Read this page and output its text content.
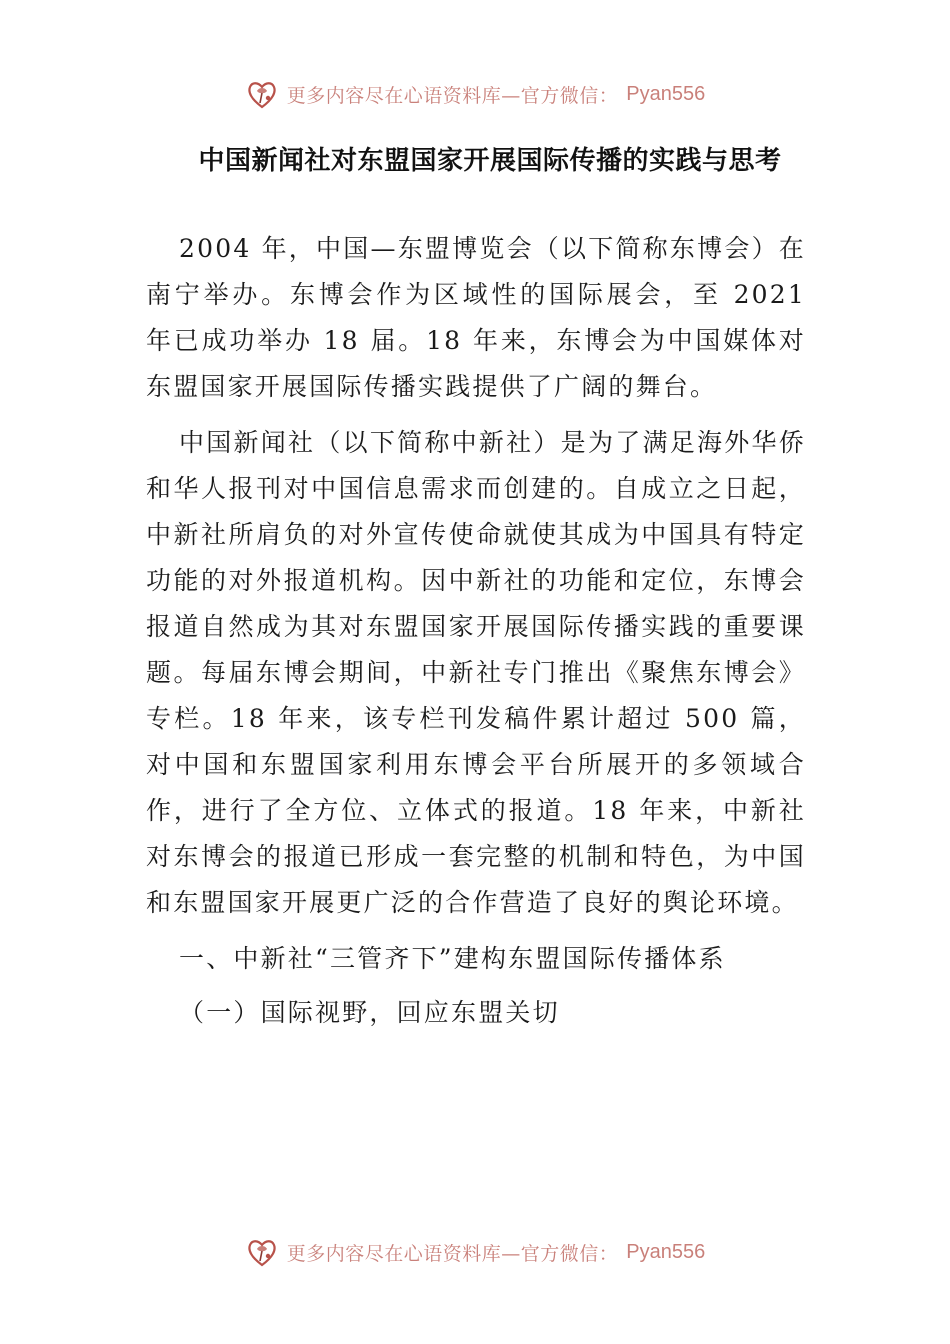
更多内容尽在心语资料库—官方微信： Pyan556
中国新闻社对东盟国家开展国际传播的实践与思考

2004 年，中国—东盟博览会（以下简称东博会）在南宁举办。东博会作为区域性的国际展会，至 2021 年已成功举办 18 届。18 年来，东博会为中国媒体对东盟国家开展国际传播实践提供了广阔的舞台。

中国新闻社（以下简称中新社）是为了满足海外华侨和华人报刊对中国信息需求而创建的。自成立之日起，中新社所肩负的对外宣传使命就使其成为中国具有特定功能的对外报道机构。因中新社的功能和定位，东博会报道自然成为其对东盟国家开展国际传播实践的重要课题。每届东博会期间，中新社专门推出《聚焦东博会》专栏。18 年来，该专栏刊发稿件累计超过 500 篇，对中国和东盟国家利用东博会平台所展开的多领域合作，进行了全方位、立体式的报道。18 年来，中新社对东博会的报道已形成一套完整的机制和特色，为中国和东盟国家开展更广泛的合作营造了良好的舆论环境。

一、中新社“三管齐下”建构东盟国际传播体系

（一）国际视野，回应东盟关切

更多内容尽在心语资料库—官方微信： Pyan556
